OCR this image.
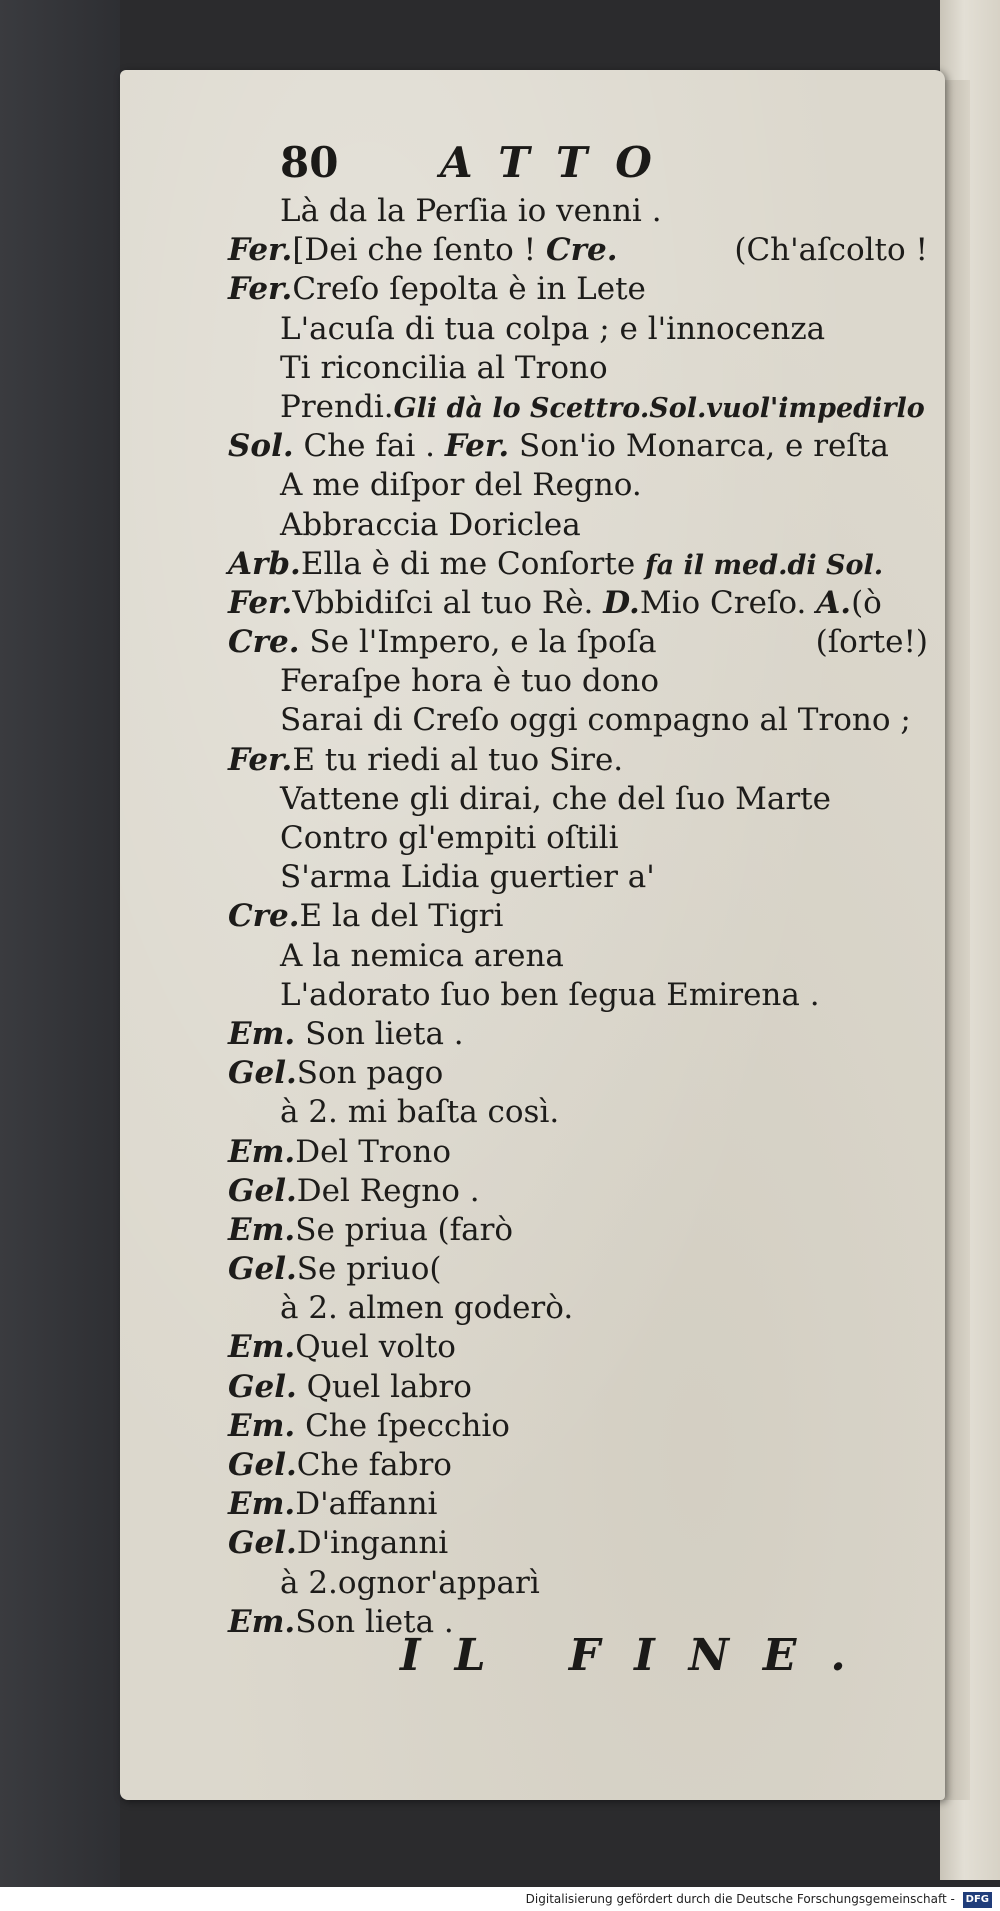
80 ATTO
Là da la Perſia io venni .
Fer.[Dei che ſento ! Cre.	(Ch'aſcolto !
Fer.Creſo ſepolta è in Lete
L'acuſa di tua colpa ; e l'innocenza
Ti riconcilia al Trono
Prendi.Gli dà lo Scettro.Sol.vuol'impedirlo
Sol. Che fai . Fer. Son'io Monarca, e reſta
A me diſpor del Regno.
Abbraccia Doriclea
Arb.Ella è di me Conſorte fa il med.di Sol.
Fer.Vbbidiſci al tuo Rè. D.Mio Creſo. A.(ò
Cre. Se l'Impero, e la ſpoſa	(ſorte!)
Feraſpe hora è tuo dono
Sarai di Creſo oggi compagno al Trono ;
Fer.E tu riedi al tuo Sire.
Vattene gli dirai, che del ſuo Marte
Contro gl'empiti oſtili
S'arma Lidia guertier a'
Cre.E la del Tigri
A la nemica arena
L'adorato ſuo ben ſegua Emirena .
Em. Son lieta .
Gel.Son pago
à 2. mi baſta così.
Em.Del Trono
Gel.Del Regno .
Em.Se priua (farò
Gel.Se priuo(
à 2. almen goderò.
Em.Quel volto
Gel. Quel labro
Em. Che ſpecchio
Gel.Che fabro
Em.D'affanni
Gel.D'inganni
à 2.ognor'apparì
Em.Son lieta .
IL FINE.
Digitalisierung gefördert durch die Deutsche Forschungsgemeinschaft - DFG
